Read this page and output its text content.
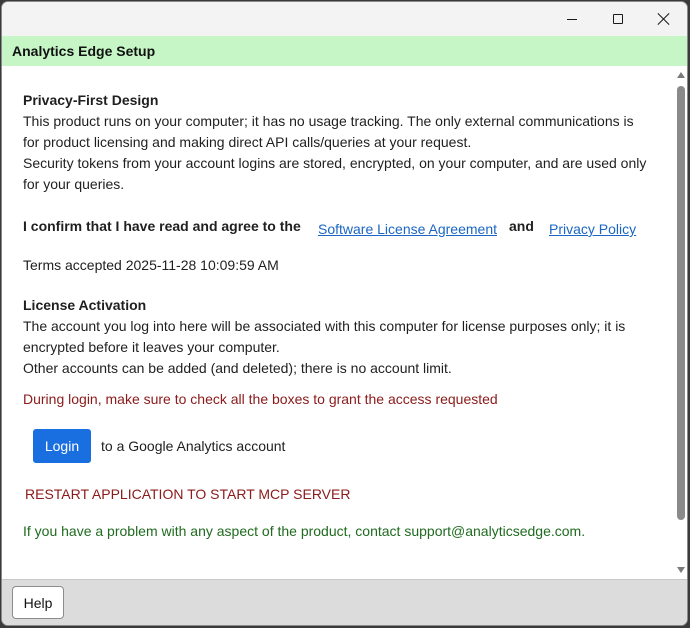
Analytics Edge Setup
Privacy-First Design
This product runs on your computer; it has no usage tracking. The only external communications is
for product licensing and making direct API calls/queries at your request.
Security tokens from your account logins are stored, encrypted, on your computer, and are used only
for your queries.
I confirm that I have read and agree to the Software License Agreement and Privacy Policy
Terms accepted 2025-11-28 10:09:59 AM
License Activation
The account you log into here will be associated with this computer for license purposes only; it is
encrypted before it leaves your computer.
Other accounts can be added (and deleted); there is no account limit.
During login, make sure to check all the boxes to grant the access requested
Login	to a Google Analytics account
RESTART APPLICATION TO START MCP SERVER
If you have a problem with any aspect of the product, contact support@analyticsedge.com.
Help
